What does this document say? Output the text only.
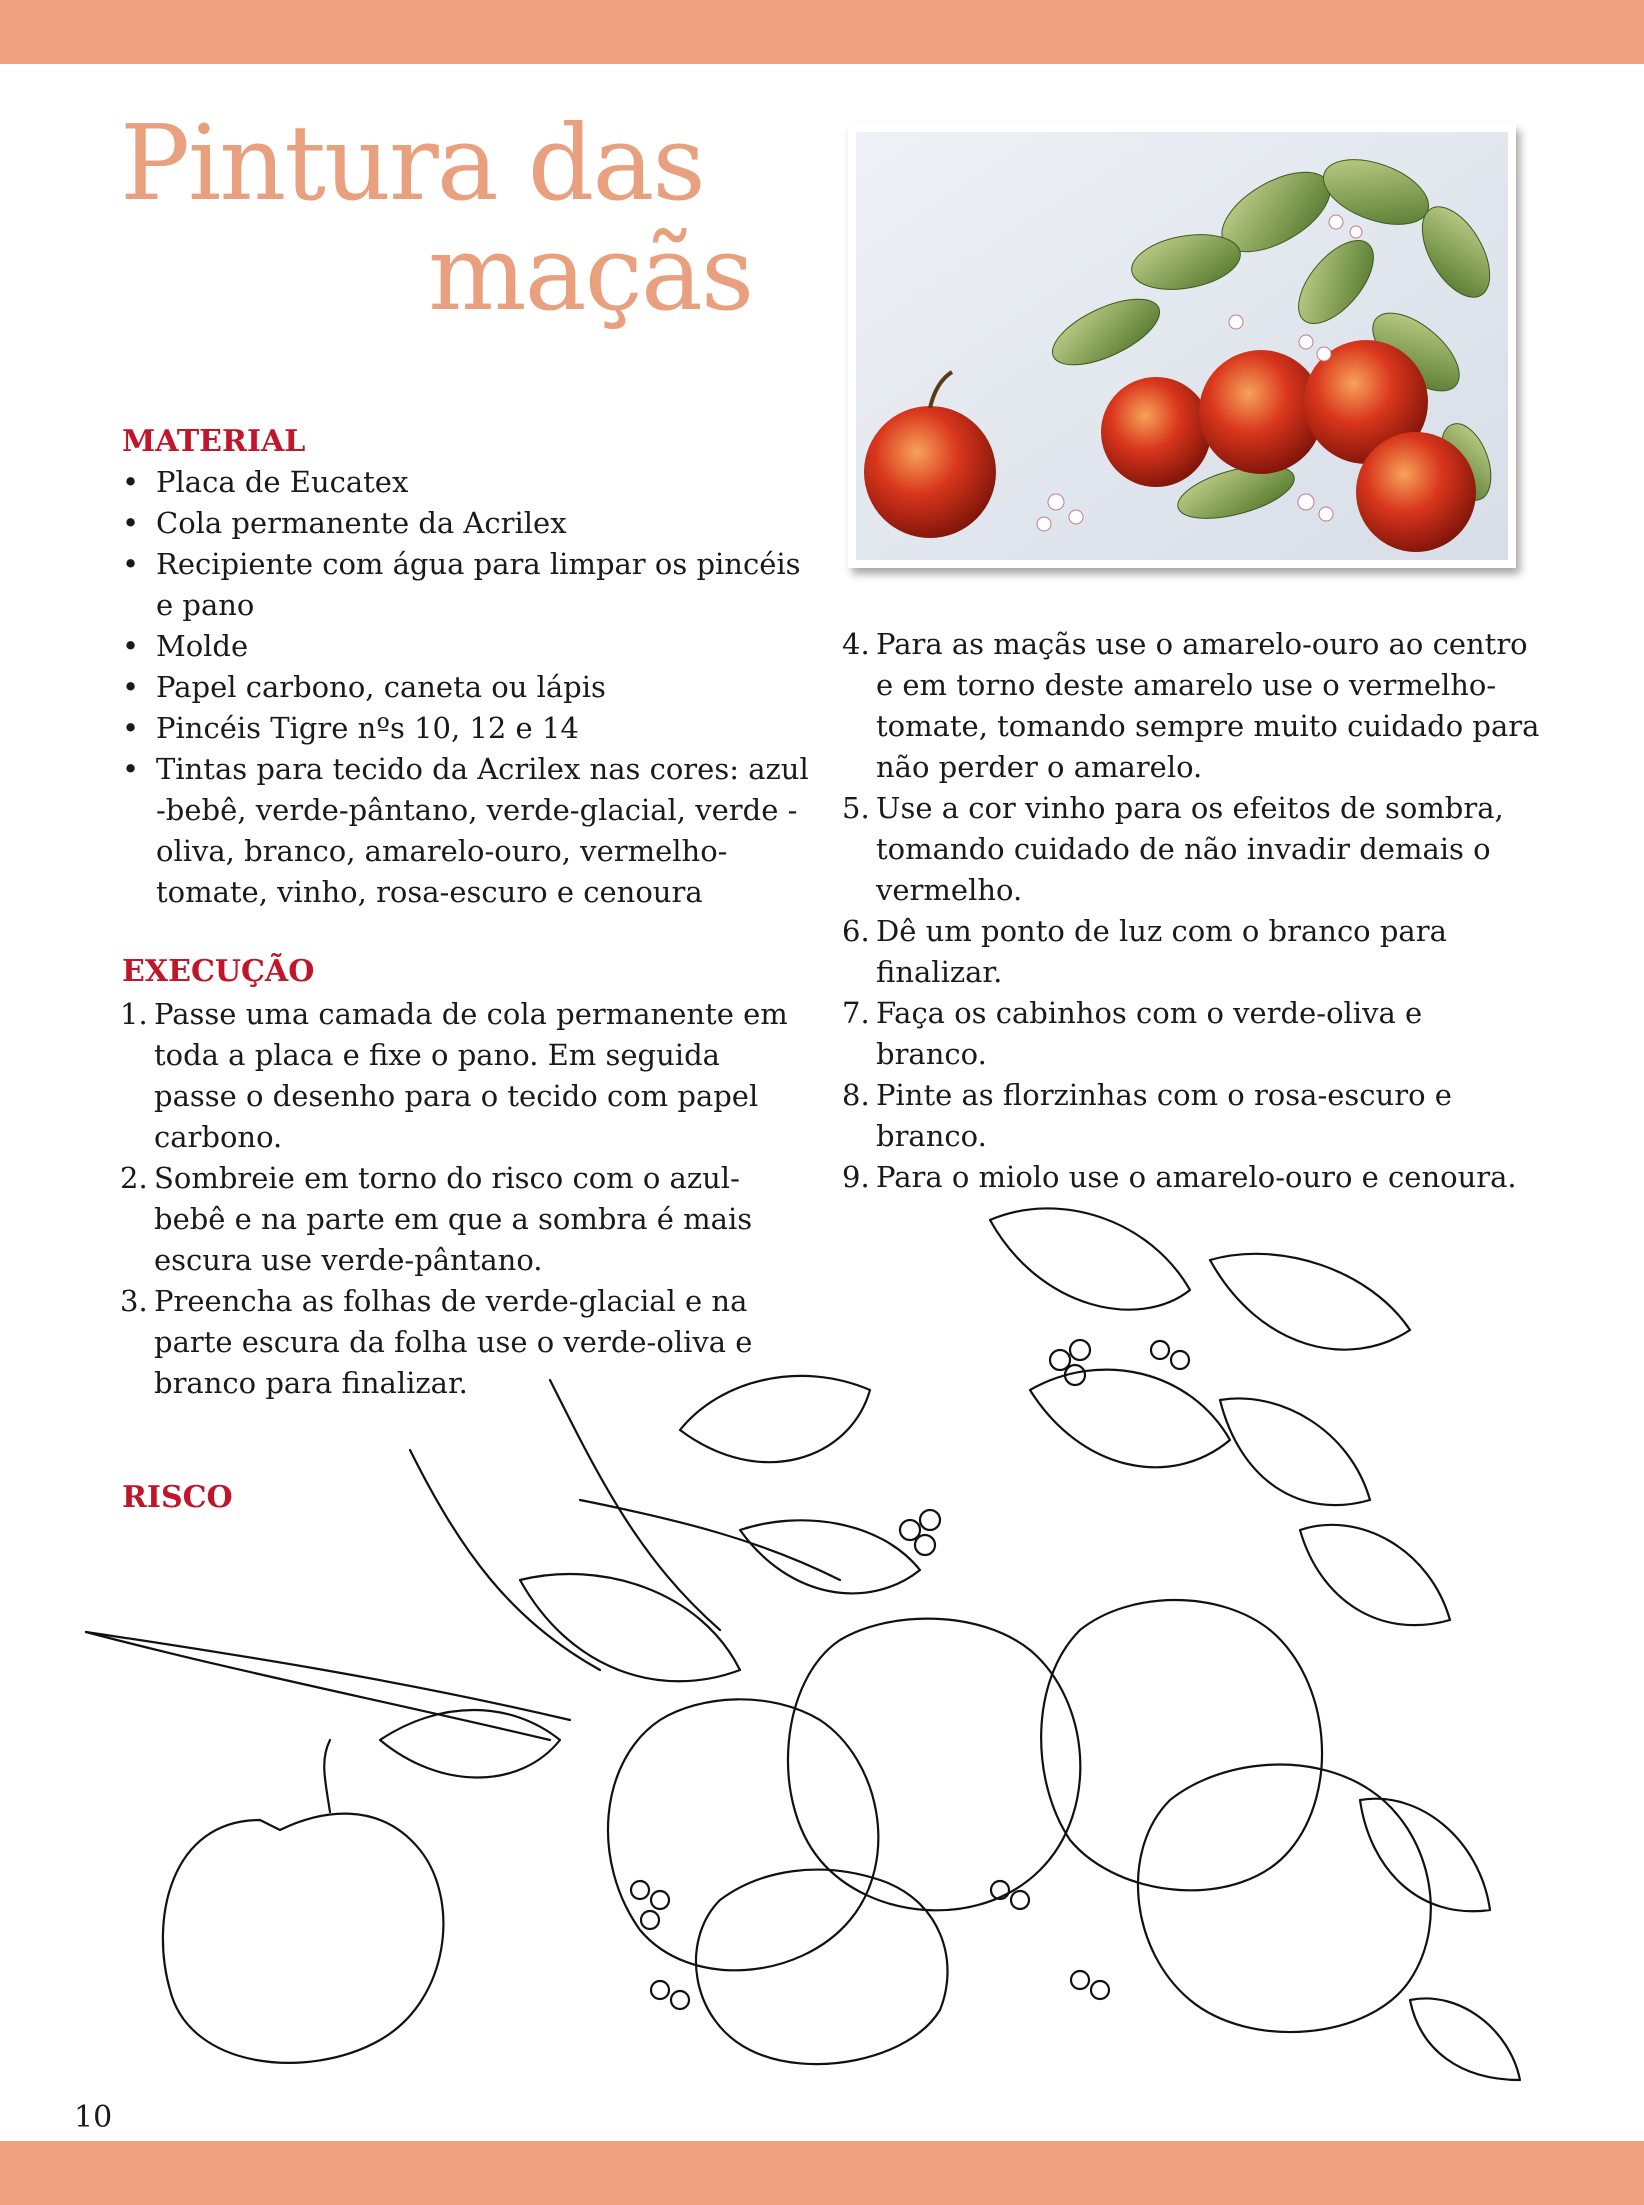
Pintura das
maçãs
MATERIAL
• Placa de Eucatex
• Cola permanente da Acrilex
• Recipiente com água para limpar os pincéis e pano
• Molde
• Papel carbono, caneta ou lápis
• Pincéis Tigre nºs 10, 12 e 14
• Tintas para tecido da Acrilex nas cores: azul -bebê, verde-pântano, verde-glacial, verde -oliva, branco, amarelo-ouro, vermelho-tomate, vinho, rosa-escuro e cenoura
EXECUÇÃO
1. Passe uma camada de cola permanente em toda a placa e fixe o pano. Em seguida passe o desenho para o tecido com papel carbono.
2. Sombreie em torno do risco com o azul-bebê e na parte em que a sombra é mais escura use verde-pântano.
3. Preencha as folhas de verde-glacial e na parte escura da folha use o verde-oliva e branco para finalizar.
4. Para as maçãs use o amarelo-ouro ao centro e em torno deste amarelo use o vermelho-tomate, tomando sempre muito cuidado para não perder o amarelo.
5. Use a cor vinho para os efeitos de sombra, tomando cuidado de não invadir demais o vermelho.
6. Dê um ponto de luz com o branco para finalizar.
7. Faça os cabinhos com o verde-oliva e branco.
8. Pinte as florzinhas com o rosa-escuro e branco.
9. Para o miolo use o amarelo-ouro e cenoura.
RISCO
10
